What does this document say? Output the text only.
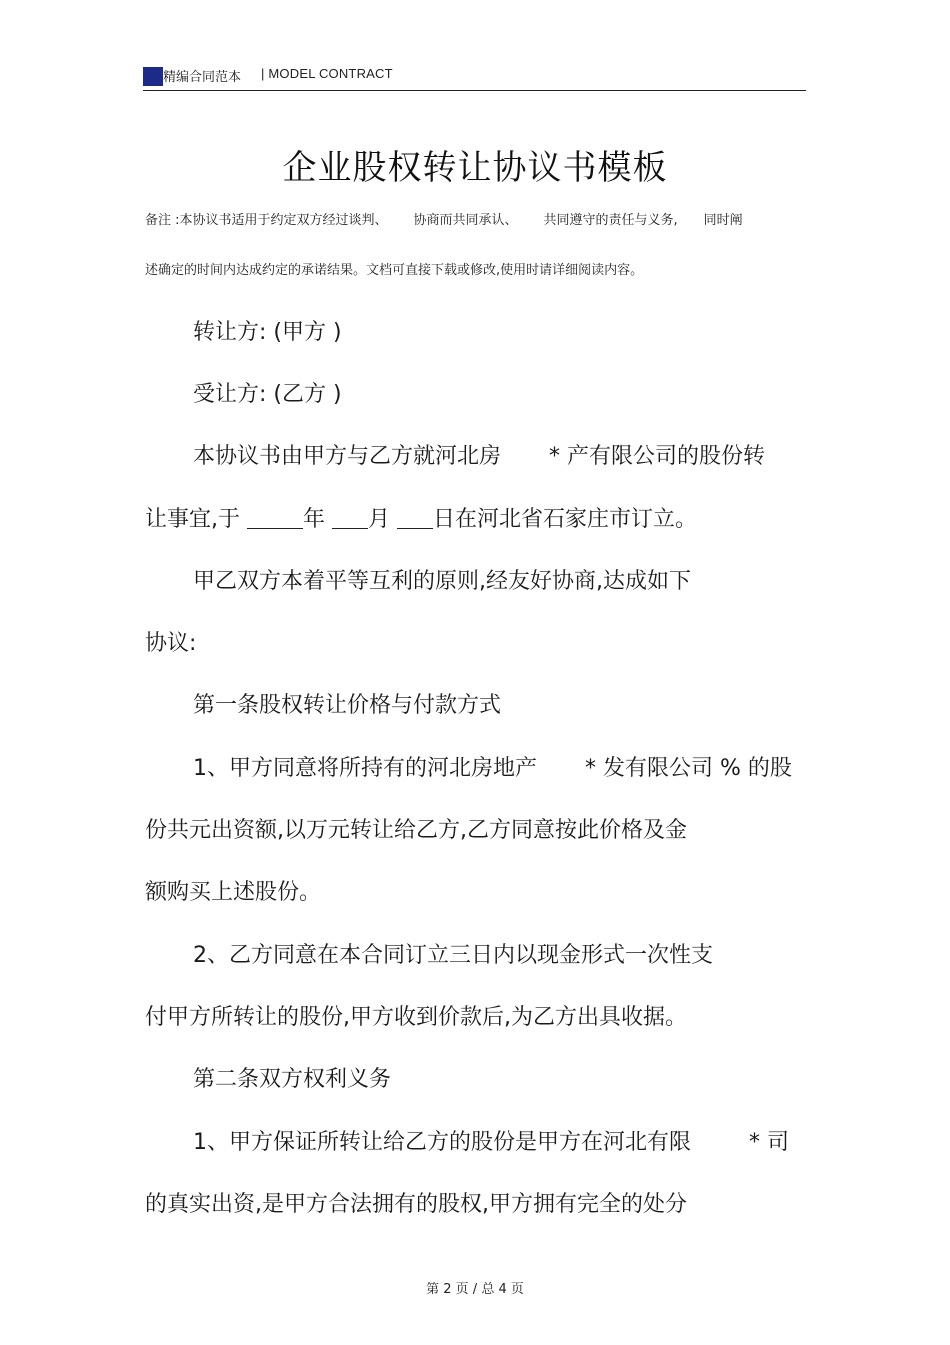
精编合同范本 | MODEL CONTRACT
企业股权转让协议书模板
备注 :本协议书适用于约定双方经过谈判、 协商而共同承认、 共同遵守的责任与义务, 同时阐
述确定的时间内达成约定的承诺结果。文档可直接下载或修改,使用时请详细阅读内容。
转让方: (甲方 )
受让方: (乙方 )
本协议书由甲方与乙方就河北房 * 产有限公司的股份转
让事宜,于	年 月 日在河北省石家庄市订立。
甲乙双方本着平等互利的原则,经友好协商,达成如下
协议:
第一条股权转让价格与付款方式
1、甲方同意将所持有的河北房地产 * 发有限公司 % 的股
份共元出资额,以万元转让给乙方,乙方同意按此价格及金
额购买上述股份。
2、乙方同意在本合同订立三日内以现金形式一次性支
付甲方所转让的股份,甲方收到价款后,为乙方出具收据。
第二条双方权利义务
1、甲方保证所转让给乙方的股份是甲方在河北有限	* 司
的真实出资,是甲方合法拥有的股权,甲方拥有完全的处分
第 2 页 / 总 4 页
